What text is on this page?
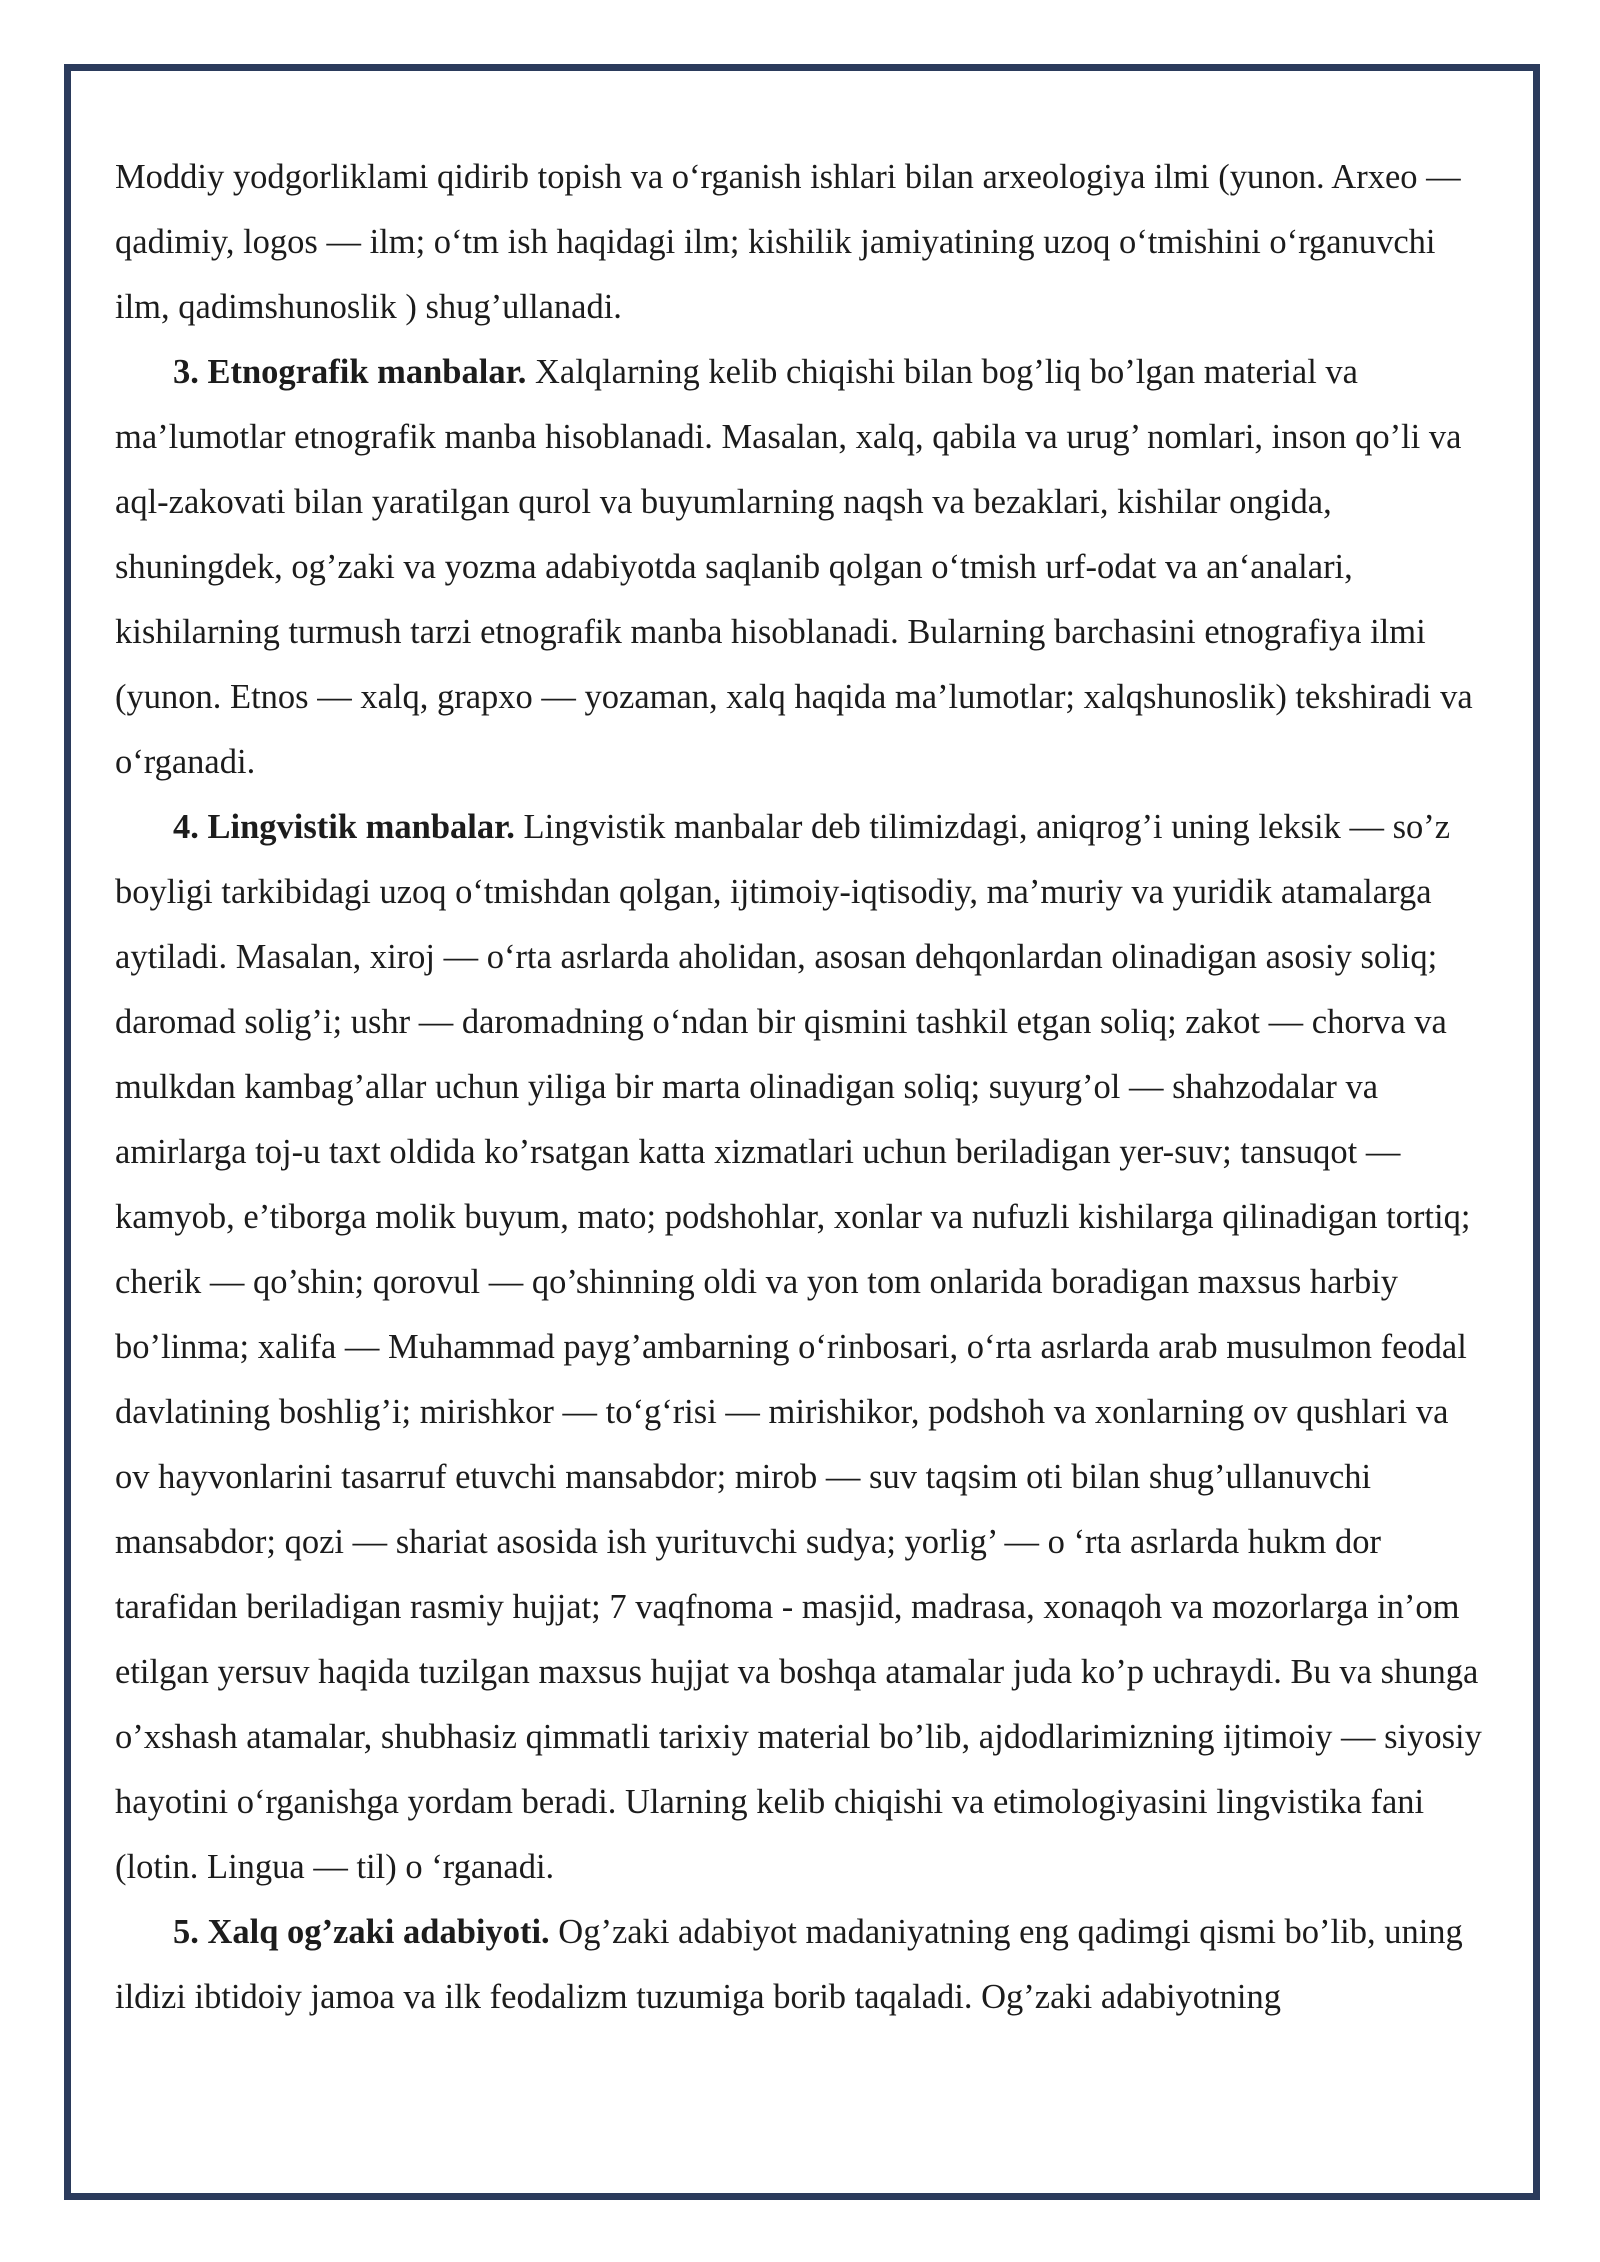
Moddiy yodgorliklami qidirib topish va o‘rganish ishlari bilan arxeologiya ilmi (yunon. Arxeo — qadimiy, logos — ilm; o‘tm ish haqidagi ilm; kishilik jamiyatining uzoq o‘tmishini o‘rganuvchi ilm, qadimshunoslik ) shug’ullanadi.

3. Etnografik manbalar. Xalqlarning kelib chiqishi bilan bog’liq bo’lgan material va ma’lumotlar etnografik manba hisoblanadi. Masalan, xalq, qabila va urug’ nomlari, inson qo’li va aql-zakovati bilan yaratilgan qurol va buyumlarning naqsh va bezaklari, kishilar ongida, shuningdek, og’zaki va yozma adabiyotda saqlanib qolgan o‘tmish urf-odat va an‘analari, kishilarning turmush tarzi etnografik manba hisoblanadi. Bularning barchasini etnografiya ilmi (yunon. Etnos — xalq, grapxo — yozaman, xalq haqida ma’lumotlar; xalqshunoslik) tekshiradi va o‘rganadi.

4. Lingvistik manbalar. Lingvistik manbalar deb tilimizdagi, aniqrog’i uning leksik — so’z boyligi tarkibidagi uzoq o‘tmishdan qolgan, ijtimoiy-iqtisodiy, ma’muriy va yuridik atamalarga aytiladi. Masalan, xiroj — o‘rta asrlarda aholidan, asosan dehqonlardan olinadigan asosiy soliq; daromad solig’i; ushr — daromadning o‘ndan bir qismini tashkil etgan soliq; zakot — chorva va mulkdan kambag’allar uchun yiliga bir marta olinadigan soliq; suyurg’ol — shahzodalar va amirlarga toj-u taxt oldida ko’rsatgan katta xizmatlari uchun beriladigan yer-suv; tansuqot — kamyob, e’tiborga molik buyum, mato; podshohlar, xonlar va nufuzli kishilarga qilinadigan tortiq; cherik — qo’shin; qorovul — qo’shinning oldi va yon tom onlarida boradigan maxsus harbiy bo’linma; xalifa — Muhammad payg’ambarning o‘rinbosari, o‘rta asrlarda arab musulmon feodal davlatining boshlig’i; mirishkor — to‘g‘risi — mirishikor, podshoh va xonlarning ov qushlari va ov hayvonlarini tasarruf etuvchi mansabdor; mirob — suv taqsim oti bilan shug’ullanuvchi mansabdor; qozi — shariat asosida ish yurituvchi sudya; yorlig’ — o ‘rta asrlarda hukm dor tarafidan beriladigan rasmiy hujjat; 7 vaqfnoma - masjid, madrasa, xonaqoh va mozorlarga in’om etilgan yersuv haqida tuzilgan maxsus hujjat va boshqa atamalar juda ko’p uchraydi. Bu va shunga o’xshash atamalar, shubhasiz qimmatli tarixiy material bo’lib, ajdodlarimizning ijtimoiy — siyosiy hayotini o‘rganishga yordam beradi. Ularning kelib chiqishi va etimologiyasini lingvistika fani (lotin. Lingua — til) o ‘rganadi.

5. Xalq og’zaki adabiyoti. Og’zaki adabiyot madaniyatning eng qadimgi qismi bo’lib, uning ildizi ibtidoiy jamoa va ilk feodalizm tuzumiga borib taqaladi. Og’zaki adabiyotning
